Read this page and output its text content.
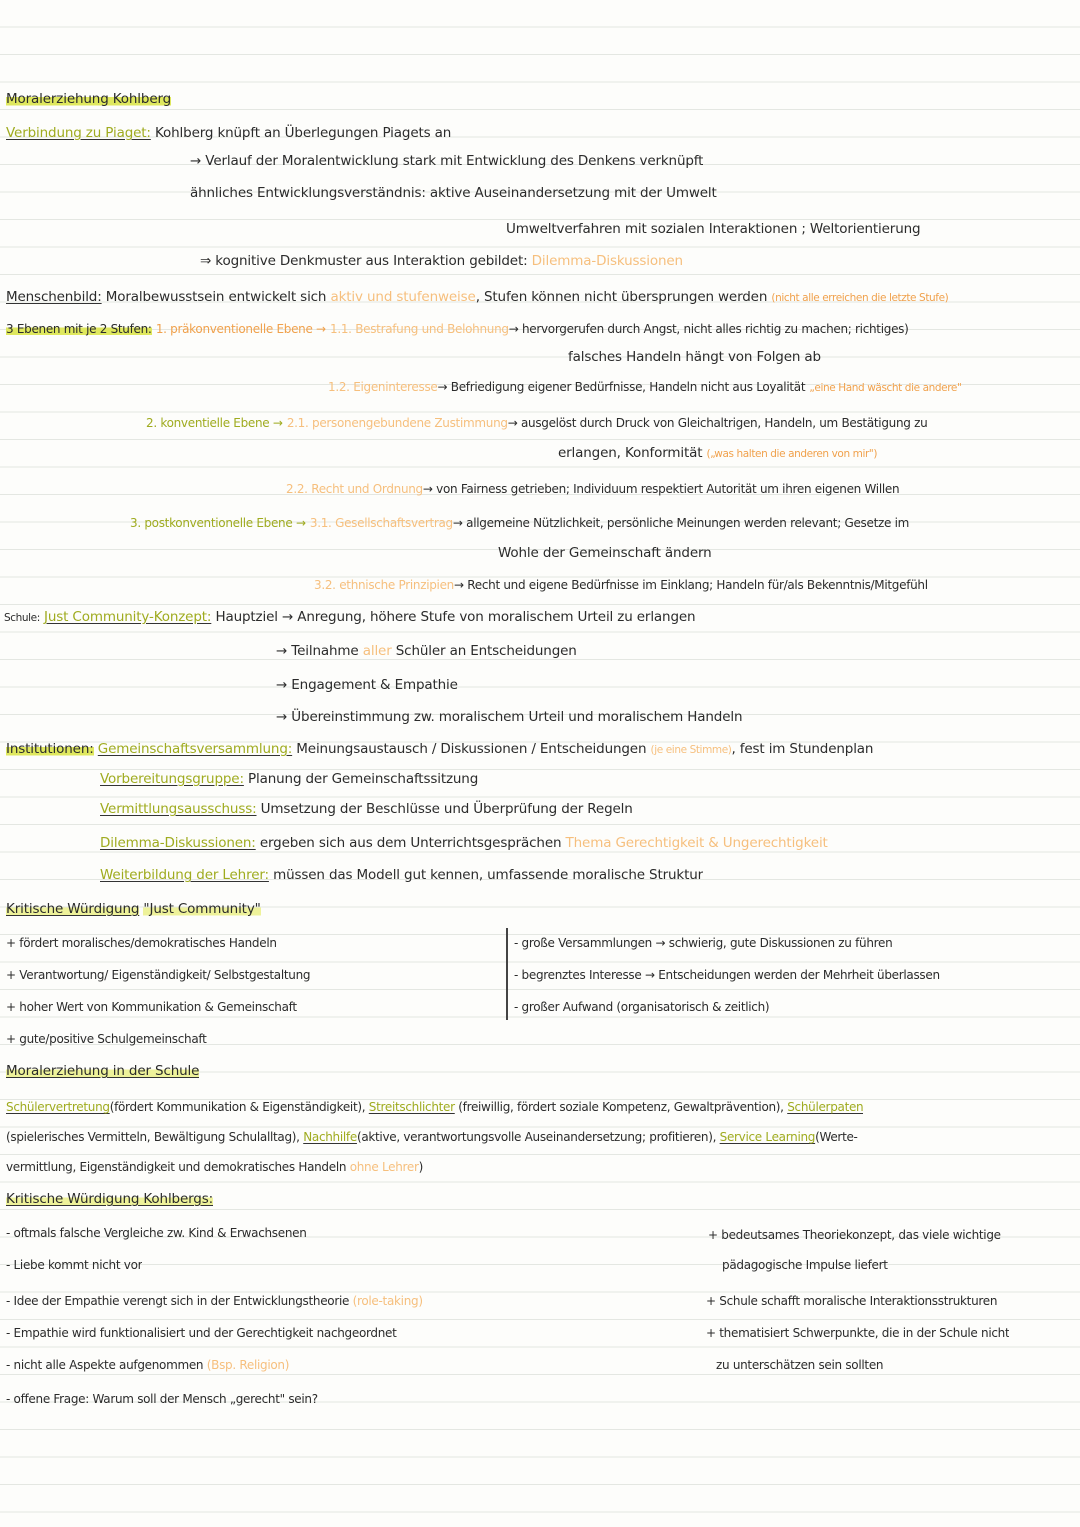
Moralerziehung Kohlberg
Verbindung zu Piaget: Kohlberg knüpft an Überlegungen Piagets an
→ Verlauf der Moralentwicklung stark mit Entwicklung des Denkens verknüpft
ähnliches Entwicklungsverständnis: aktive Auseinandersetzung mit der Umwelt
Umweltverfahren mit sozialen Interaktionen ; Weltorientierung
⇒ kognitive Denkmuster aus Interaktion gebildet: Dilemma-Diskussionen
Menschenbild: Moralbewusstsein entwickelt sich aktiv und stufenweise, Stufen können nicht übersprungen werden (nicht alle erreichen die letzte Stufe)
3 Ebenen mit je 2 Stufen: 1. präkonventionelle Ebene → 1.1. Bestrafung und Belohnung→ hervorgerufen durch Angst, nicht alles richtig zu machen; richtiges)
falsches Handeln hängt von Folgen ab
1.2. Eigeninteresse→ Befriedigung eigener Bedürfnisse, Handeln nicht aus Loyalität „eine Hand wäscht die andere"
2. konventielle Ebene → 2.1. personengebundene Zustimmung→ ausgelöst durch Druck von Gleichaltrigen, Handeln, um Bestätigung zu
erlangen, Konformität („was halten die anderen von mir")
2.2. Recht und Ordnung→ von Fairness getrieben; Individuum respektiert Autorität um ihren eigenen Willen
3. postkonventionelle Ebene → 3.1. Gesellschaftsvertrag→ allgemeine Nützlichkeit, persönliche Meinungen werden relevant; Gesetze im
Wohle der Gemeinschaft ändern
3.2. ethnische Prinzipien→ Recht und eigene Bedürfnisse im Einklang; Handeln für/als Bekenntnis/Mitgefühl
Schule: Just Community-Konzept: Hauptziel → Anregung, höhere Stufe von moralischem Urteil zu erlangen
→ Teilnahme aller Schüler an Entscheidungen
→ Engagement & Empathie
→ Übereinstimmung zw. moralischem Urteil und moralischem Handeln
Institutionen: Gemeinschaftsversammlung: Meinungsaustausch / Diskussionen / Entscheidungen (je eine Stimme), fest im Stundenplan
Vorbereitungsgruppe: Planung der Gemeinschaftssitzung
Vermittlungsausschuss: Umsetzung der Beschlüsse und Überprüfung der Regeln
Dilemma-Diskussionen: ergeben sich aus dem Unterrichtsgesprächen Thema Gerechtigkeit & Ungerechtigkeit
Weiterbildung der Lehrer: müssen das Modell gut kennen, umfassende moralische Struktur
Kritische Würdigung "Just Community"
+ fördert moralisches/demokratisches Handeln
+ Verantwortung/ Eigenständigkeit/ Selbstgestaltung
+ hoher Wert von Kommunikation & Gemeinschaft
+ gute/positive Schulgemeinschaft
- große Versammlungen → schwierig, gute Diskussionen zu führen
- begrenztes Interesse → Entscheidungen werden der Mehrheit überlassen
- großer Aufwand (organisatorisch & zeitlich)
Moralerziehung in der Schule
Schülervertretung(fördert Kommunikation & Eigenständigkeit), Streitschlichter (freiwillig, fördert soziale Kompetenz, Gewaltprävention), Schülerpaten
(spielerisches Vermitteln, Bewältigung Schulalltag), Nachhilfe(aktive, verantwortungsvolle Auseinandersetzung; profitieren), Service Learning(Werte-
vermittlung, Eigenständigkeit und demokratisches Handeln ohne Lehrer)
Kritische Würdigung Kohlbergs:
- oftmals falsche Vergleiche zw. Kind & Erwachsenen
- Liebe kommt nicht vor
- Idee der Empathie verengt sich in der Entwicklungstheorie (role-taking)
- Empathie wird funktionalisiert und der Gerechtigkeit nachgeordnet
- nicht alle Aspekte aufgenommen (Bsp. Religion)
- offene Frage: Warum soll der Mensch „gerecht" sein?
+ bedeutsames Theoriekonzept, das viele wichtige
pädagogische Impulse liefert
+ Schule schafft moralische Interaktionsstrukturen
+ thematisiert Schwerpunkte, die in der Schule nicht
zu unterschätzen sein sollten
